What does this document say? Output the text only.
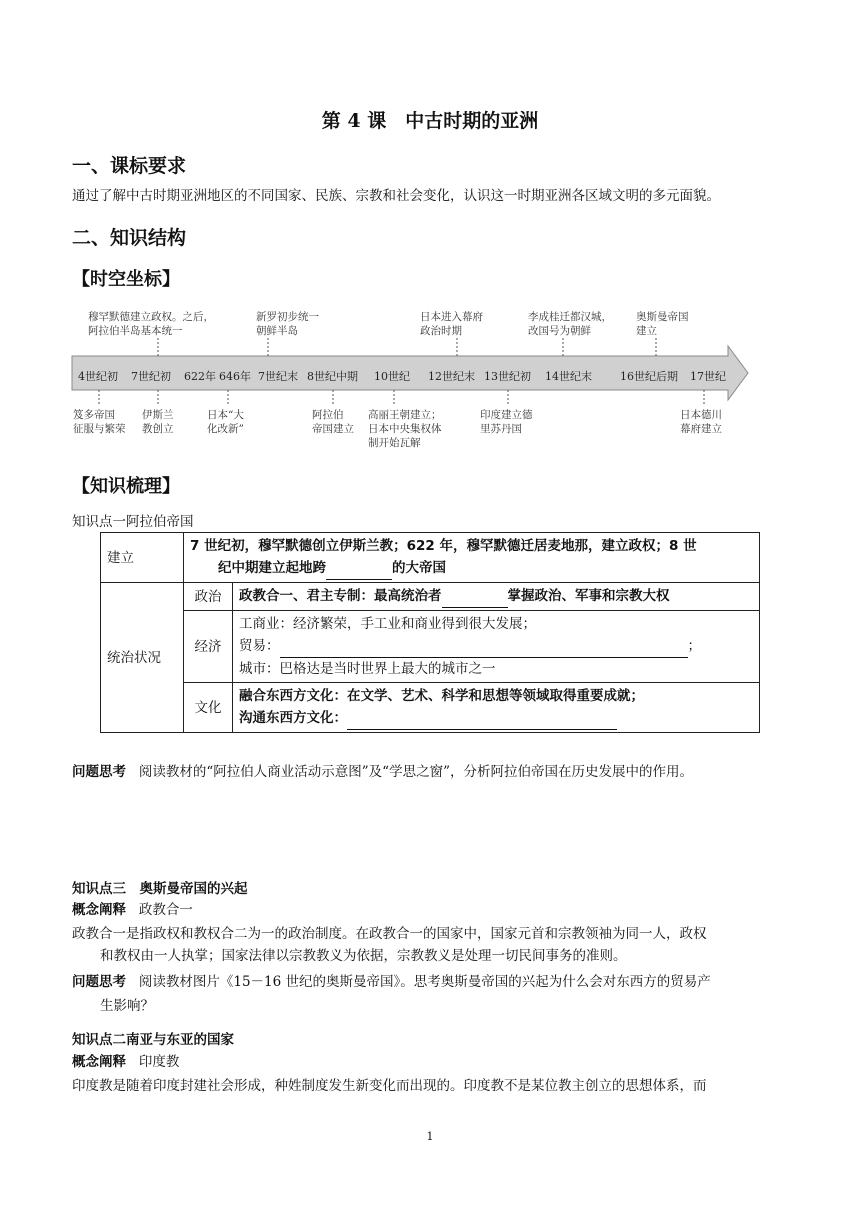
第 4 课　中古时期的亚洲
一、课标要求
通过了解中古时期亚洲地区的不同国家、民族、宗教和社会变化，认识这一时期亚洲各区域文明的多元面貌。
二、知识结构
【时空坐标】
4世纪初 7世纪初 622年 646年 7世纪末 8世纪中期 10世纪 12世纪末 13世纪初 14世纪末	16世纪后期 17世纪
穆罕默德建立政权。之后，
阿拉伯半岛基本统一
新罗初步统一
朝鲜半岛
日本进入幕府
政治时期
李成桂迁都汉城，
改国号为朝鲜
奥斯曼帝国
建立
笈多帝国
征服与繁荣
伊斯兰
教创立
日本“大
化改新”
阿拉伯
帝国建立
高丽王朝建立；
日本中央集权体
制开始瓦解
印度建立德
里苏丹国
日本德川
幕府建立
【知识梳理】
知识点一阿拉伯帝国
建立	7 世纪初，穆罕默德创立伊斯兰教；622 年，穆罕默德迁居麦地那，建立政权；8 世
纪中期建立起地跨 的大帝国	

统治状况	政治	政教合一、君主专制：最高统治者 掌握政治、军事和宗教大权
	经济	工商业：经济繁荣，手工业和商业得到很大发展；
贸易： ；
城市：巴格达是当时世界上最大的城市之一

	文化	融合东西方文化：在文学、艺术、科学和思想等领域取得重要成就；
沟通东西方文化：
问题思考 阅读教材的“阿拉伯人商业活动示意图”及“学思之窗”，分析阿拉伯帝国在历史发展中的作用。
知识点三　奥斯曼帝国的兴起
概念阐释 政教合一
政教合一是指政权和教权合二为一的政治制度。在政教合一的国家中，国家元首和宗教领袖为同一人，政权
和教权由一人执掌；国家法律以宗教教义为依据，宗教教义是处理一切民间事务的准则。
问题思考 阅读教材图片《15－16 世纪的奥斯曼帝国》。思考奥斯曼帝国的兴起为什么会对东西方的贸易产
生影响？
知识点二南亚与东亚的国家
概念阐释 印度教
印度教是随着印度封建社会形成，种姓制度发生新变化而出现的。印度教不是某位教主创立的思想体系，而
1
